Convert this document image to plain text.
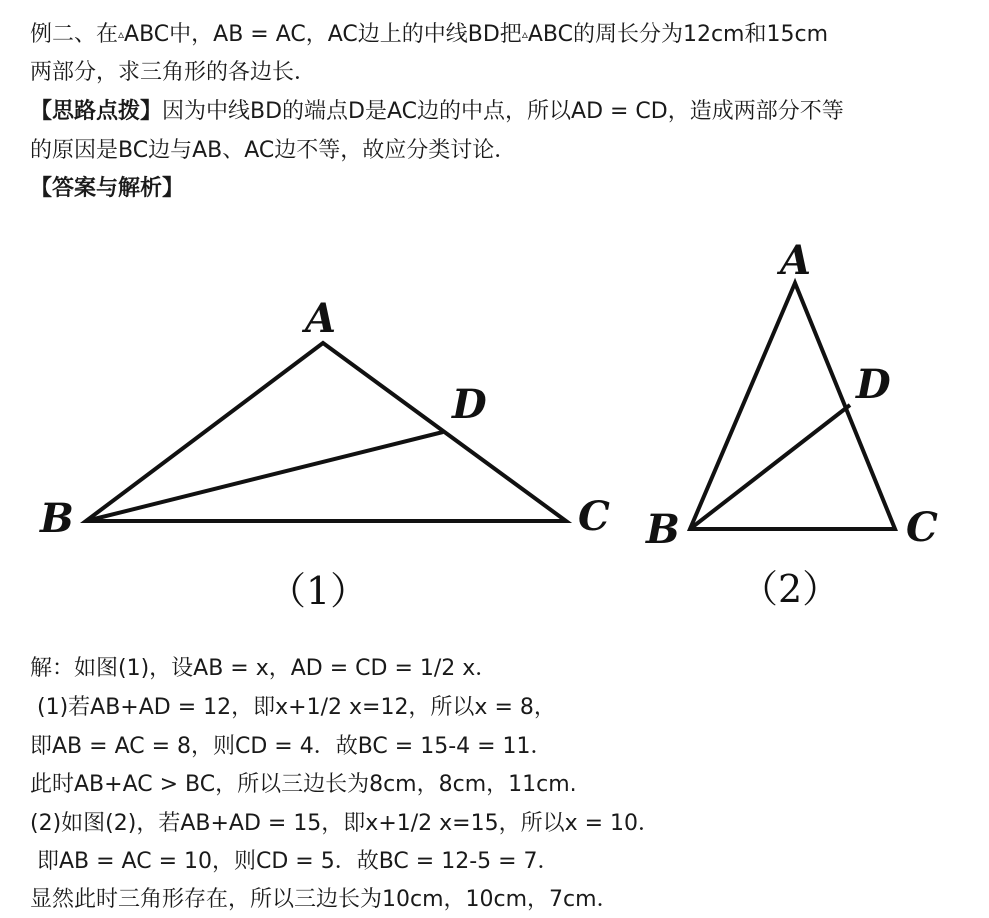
例二、在▵ABC中，AB = AC，AC边上的中线BD把▵ABC的周长分为12cm和15cm
两部分，求三角形的各边长．
【思路点拨】因为中线BD的端点D是AC边的中点，所以AD = CD，造成两部分不等
的原因是BC边与AB、AC边不等，故应分类讨论．
【答案与解析】
A
B	C
D
（1）
A
B	C
D
（2）
解：如图(1)，设AB = x，AD = CD = 1/2 x．
(1)若AB+AD = 12，即x+1/2 x=12，所以x = 8，
即AB = AC = 8，则CD = 4．故BC = 15-4 = 11．
此时AB+AC > BC，所以三边长为8cm，8cm，11cm.
(2)如图(2)，若AB+AD = 15，即x+1/2 x=15，所以x = 10．
即AB = AC = 10，则CD = 5．故BC = 12-5 = 7．
显然此时三角形存在，所以三边长为10cm，10cm，7cm．
